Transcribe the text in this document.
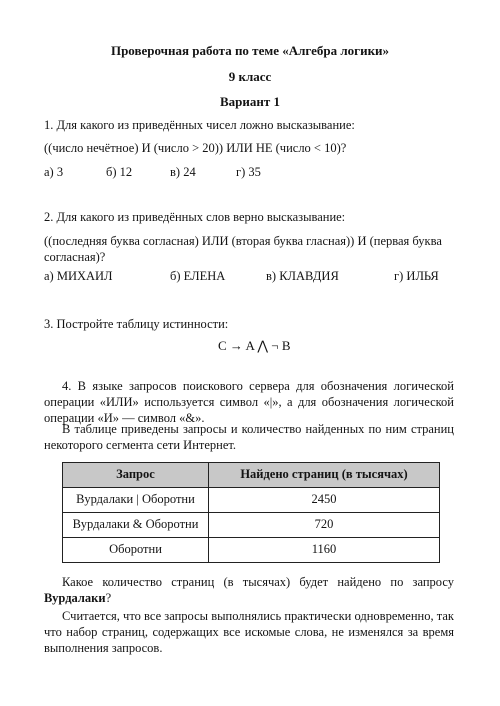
Проверочная работа по теме «Алгебра логики»
9 класс
Вариант 1
1. Для какого из приведённых чисел ложно высказывание:
((число нечётное) И (число > 20)) ИЛИ НЕ (число < 10)?
а) 3	б) 12	в) 24	г) 35
2. Для какого из приведённых слов верно высказывание:
((последняя буква согласная) ИЛИ (вторая буква гласная)) И (первая буква
согласная)?
а) МИХАИЛ	б) ЕЛЕНА	в) КЛАВДИЯ	г) ИЛЬЯ
3. Постройте таблицу истинности:
C → A ⋀ ¬ B
4. В языке запросов поискового сервера для обозначения логической операции «ИЛИ» используется символ «|», а для обозначения логической операции «И» — символ «&».
В таблице приведены запросы и количество найденных по ним страниц некоторого сегмента сети Интернет.
Запрос	Найдено страниц (в тысячах)
Вурдалаки | Оборотни	2450
Вурдалаки & Оборотни	720
Оборотни	1160
Какое количество страниц (в тысячах) будет найдено по запросу Вурдалаки?
Считается, что все запросы выполнялись практически одновременно, так что набор страниц, содержащих все искомые слова, не изменялся за время выполнения запросов.
